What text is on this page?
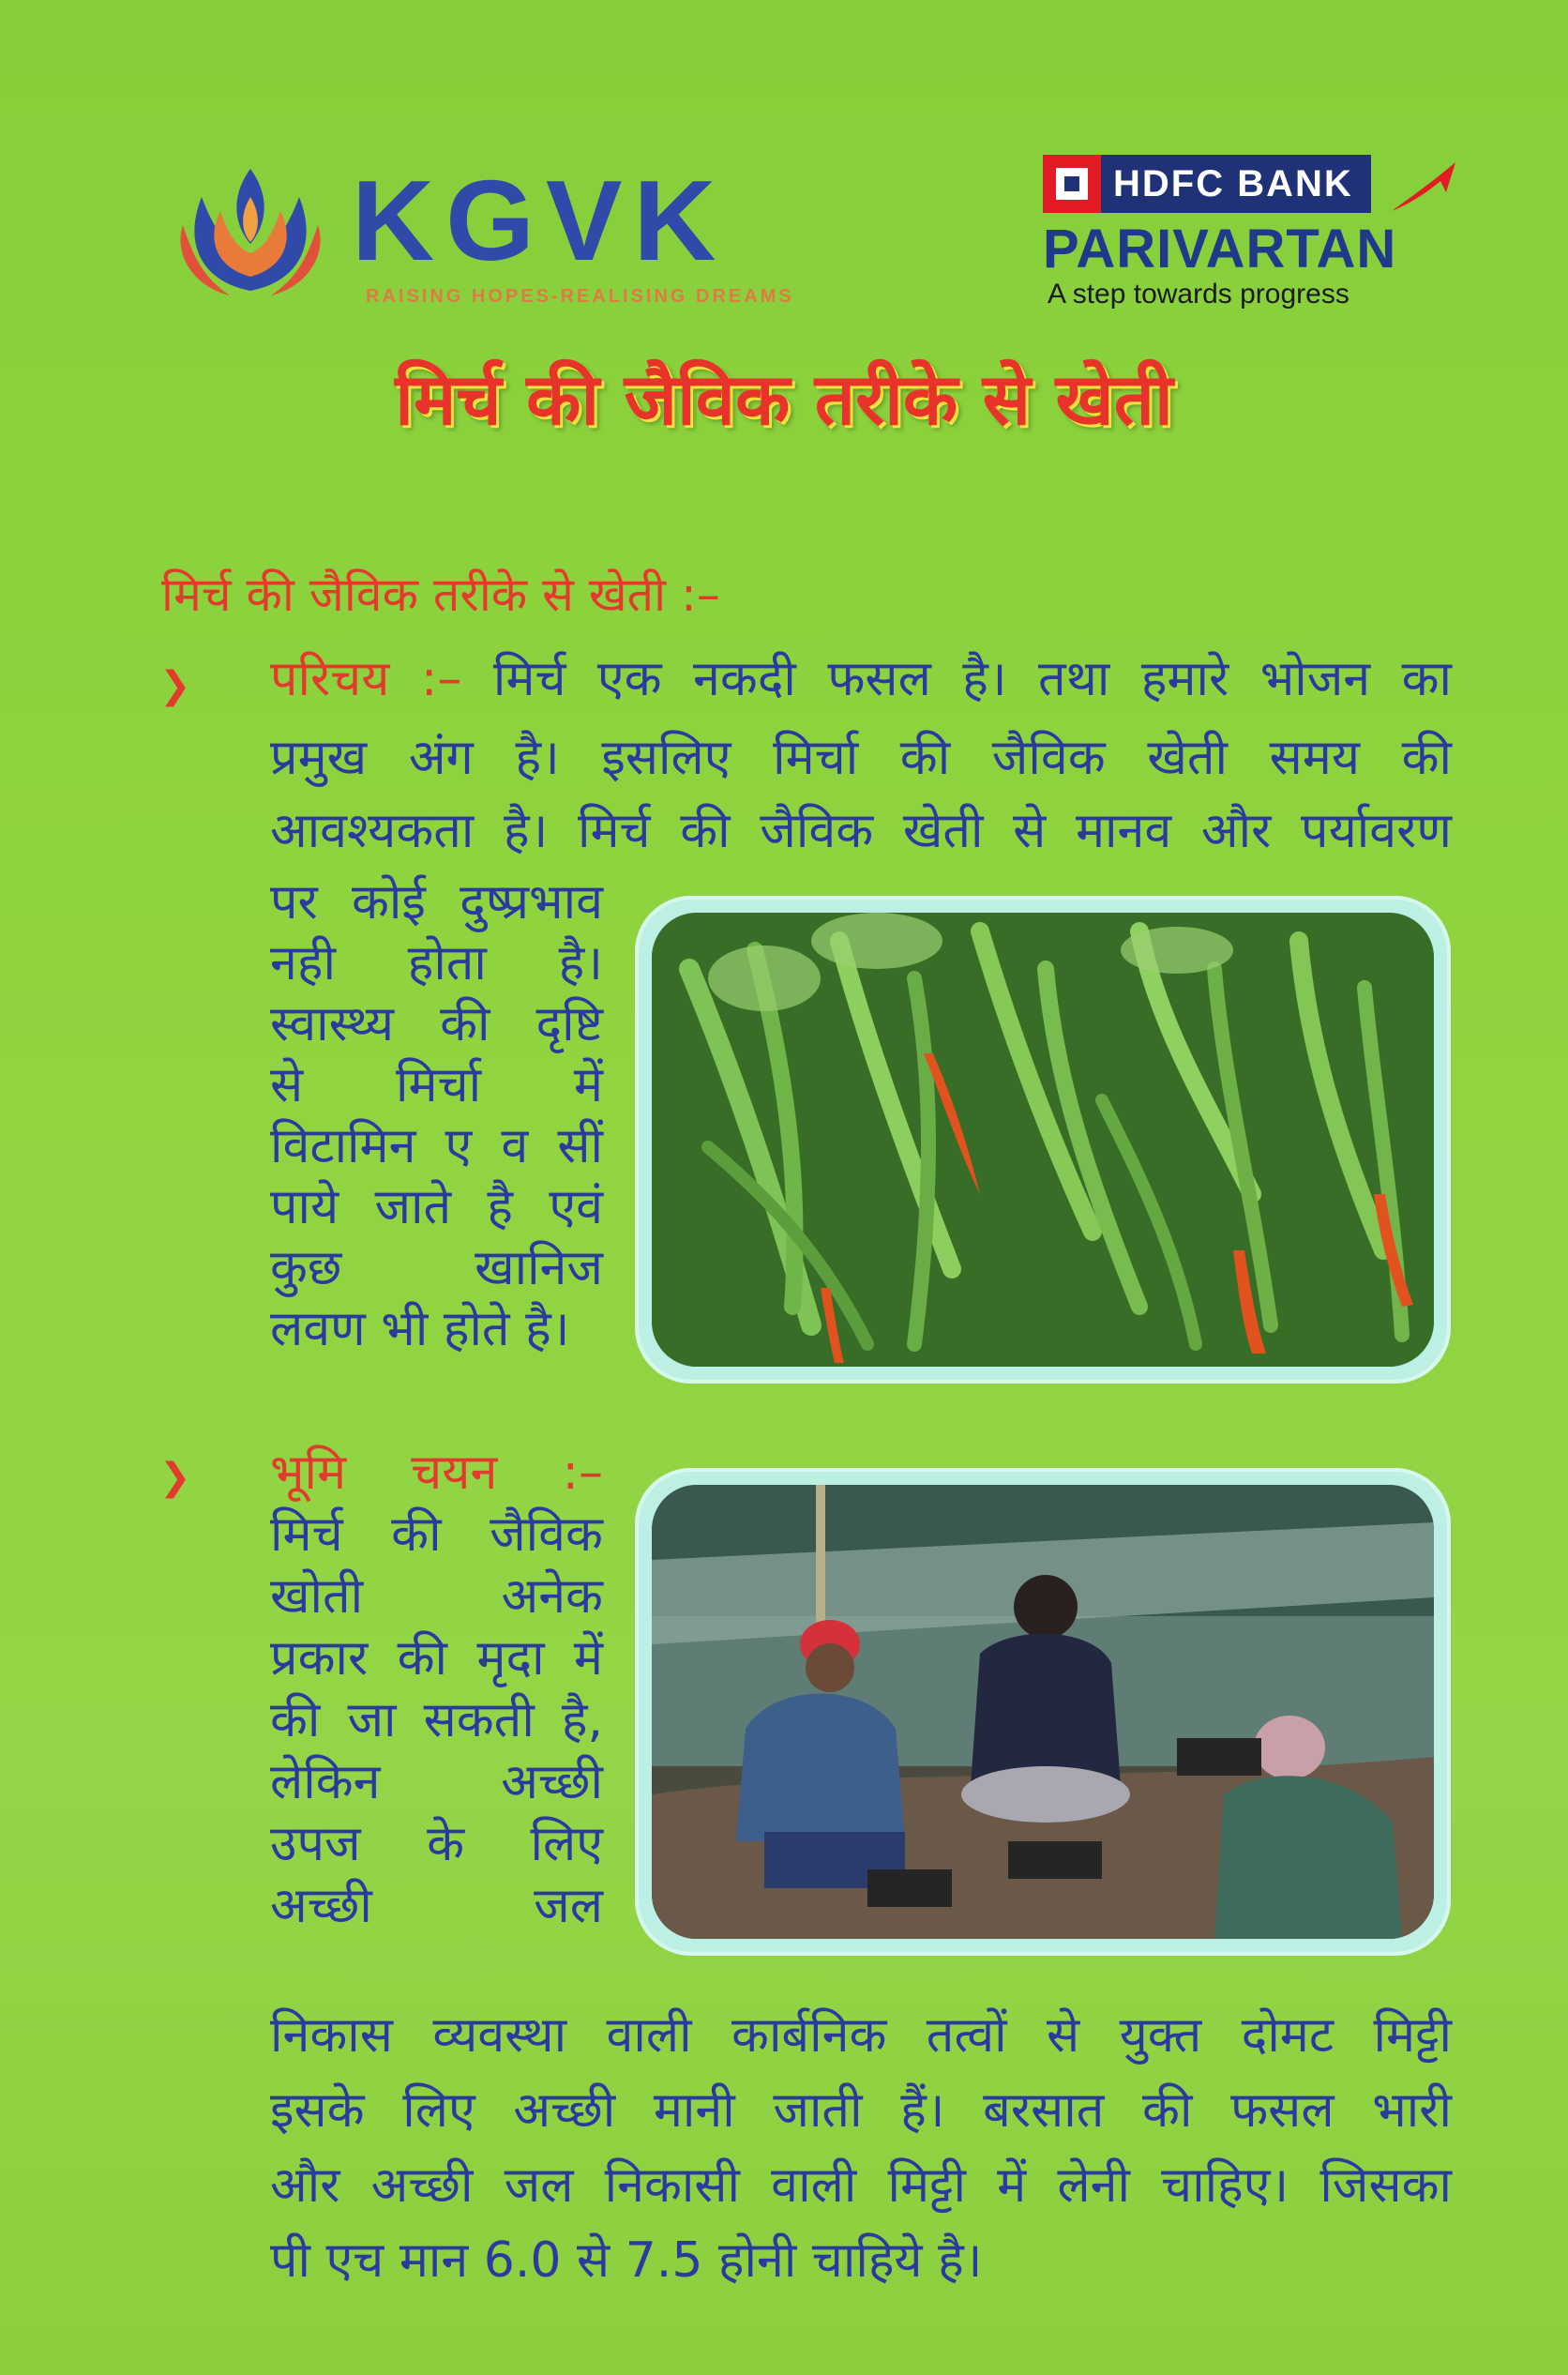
KGVK
RAISING HOPES-REALISING DREAMS
HDFC BANK
PARIVARTAN
A step towards progress
मिर्च की जैविक तरीके से खेती
मिर्च की जैविक तरीके से खेती :–
❯ परिचय :– मिर्च एक नकदी फसल है। तथा हमारे भोजन का
प्रमुख अंग है। इसलिए मिर्चा की जैविक खेती समय की
आवश्यकता है। मिर्च की जैविक खेती से मानव और पर्यावरण
पर कोई दुष्प्रभाव
नही होता है।
स्वास्थ्य की दृष्टि
से मिर्चा में
विटामिन ए व सीं
पाये जाते है एवं
कुछ खानिज
लवण भी होते है।
❯ भूमि चयन :–
मिर्च की जैविक
खोती अनेक
प्रकार की मृदा में
की जा सकती है,
लेकिन अच्छी
उपज के लिए
अच्छी जल
निकास व्यवस्था वाली कार्बनिक तत्वों से युक्त दोमट मिट्टी
इसके लिए अच्छी मानी जाती हैं। बरसात की फसल भारी
और अच्छी जल निकासी वाली मिट्टी में लेनी चाहिए। जिसका
पी एच मान 6.0 से 7.5 होनी चाहिये है।
